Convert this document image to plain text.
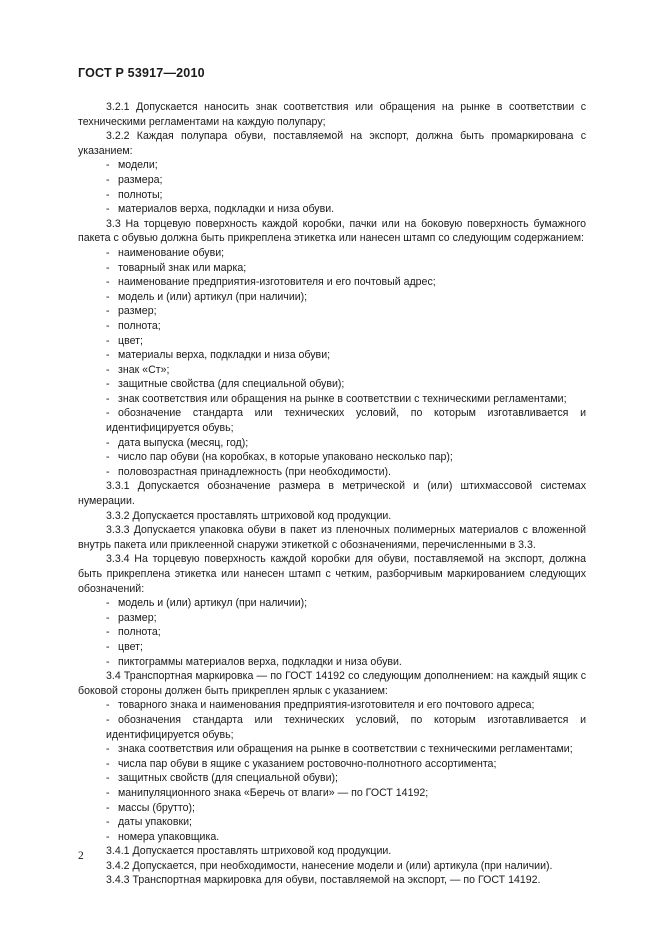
ГОСТ Р 53917—2010

3.2.1 Допускается наносить знак соответствия или обращения на рынке в соответствии с техническими регламентами на каждую полупару;

3.2.2 Каждая полупара обуви, поставляемой на экспорт, должна быть промаркирована с указанием:

- модели;

- размера;

- полноты;

- материалов верха, подкладки и низа обуви.

3.3 На торцевую поверхность каждой коробки, пачки или на боковую поверхность бумажного пакета с обувью должна быть прикреплена этикетка или нанесен штамп со следующим содержанием:

- наименование обуви;

- товарный знак или марка;

- наименование предприятия-изготовителя и его почтовый адрес;

- модель и (или) артикул (при наличии);

- размер;

- полнота;

- цвет;

- материалы верха, подкладки и низа обуви;

- знак «Ст»;

- защитные свойства (для специальной обуви);

- знак соответствия или обращения на рынке в соответствии с техническими регламентами;

- обозначение стандарта или технических условий, по которым изготавливается и идентифицируется обувь;

- дата выпуска (месяц, год);

- число пар обуви (на коробках, в которые упаковано несколько пар);

- половозрастная принадлежность (при необходимости).

3.3.1 Допускается обозначение размера в метрической и (или) штихмассовой системах нумерации.

3.3.2 Допускается проставлять штриховой код продукции.

3.3.3 Допускается упаковка обуви в пакет из пленочных полимерных материалов с вложенной внутрь пакета или приклеенной снаружи этикеткой с обозначениями, перечисленными в 3.3.

3.3.4 На торцевую поверхность каждой коробки для обуви, поставляемой на экспорт, должна быть прикреплена этикетка или нанесен штамп с четким, разборчивым маркированием следующих обозначений:

- модель и (или) артикул (при наличии);

- размер;

- полнота;

- цвет;

- пиктограммы материалов верха, подкладки и низа обуви.

3.4 Транспортная маркировка — по ГОСТ 14192 со следующим дополнением: на каждый ящик с боковой стороны должен быть прикреплен ярлык с указанием:

- товарного знака и наименования предприятия-изготовителя и его почтового адреса;

- обозначения стандарта или технических условий, по которым изготавливается и идентифицируется обувь;

- знака соответствия или обращения на рынке в соответствии с техническими регламентами;

- числа пар обуви в ящике с указанием ростовочно-полнотного ассортимента;

- защитных свойств (для специальной обуви);

- манипуляционного знака «Беречь от влаги» — по ГОСТ 14192;

- массы (брутто);

- даты упаковки;

- номера упаковщика.

3.4.1 Допускается проставлять штриховой код продукции.

3.4.2 Допускается, при необходимости, нанесение модели и (или) артикула (при наличии).

3.4.3 Транспортная маркировка для обуви, поставляемой на экспорт, — по ГОСТ 14192.

2
